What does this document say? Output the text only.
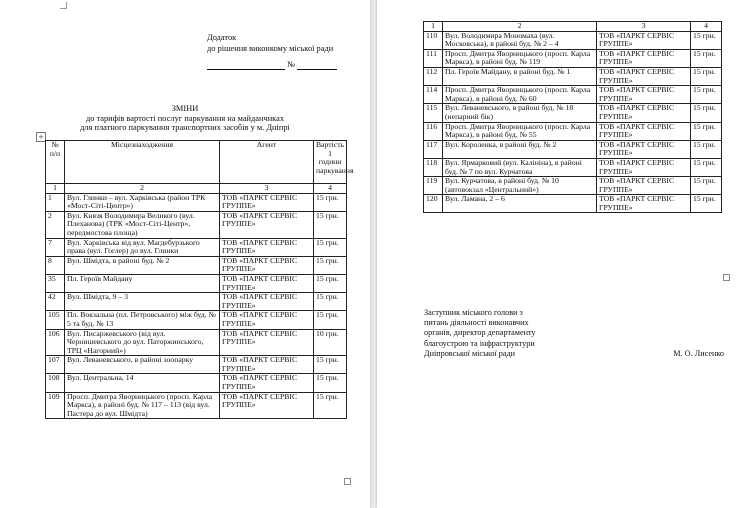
Додаток
до рішення виконкому міської ради
№
ЗМІНИ
до тарифів вартості послуг паркування на майданчиках
для платного паркування транспортних засобів у м. Дніпрі
+
№ п/п	Місцезнаходження	Агент	Вартість 1 години паркування
1	2	3	4
1	Вул. Глинки – вул. Харківська (район ТРК «Мост-Сіті-Центр»)	ТОВ «ПАРКТ СЕРВІС ГРУППЕ»	15 грн.
2	Вул. Князя Володимира Великого (вул. Плеханова) (ТРК «Мост-Сіті-Центр», передмостова площа)	ТОВ «ПАРКТ СЕРВІС ГРУППЕ»	15 грн.
7	Вул. Харківська від вул. Магдебурзького права (вул. Гоглер) до вул. Глинки	ТОВ «ПАРКТ СЕРВІС ГРУППЕ»	15 грн.
8	Вул. Шмідта, в районі буд. № 2	ТОВ «ПАРКТ СЕРВІС ГРУППЕ»	15 грн.
35	Пл. Героїв Майдану	ТОВ «ПАРКТ СЕРВІС ГРУППЕ»	15 грн.
42	Вул. Шмідта, 9 – 3	ТОВ «ПАРКТ СЕРВІС ГРУППЕ»	15 грн.
105	Пл. Вокзальна (пл. Петровського) між буд. № 5 та буд. № 13	ТОВ «ПАРКТ СЕРВІС ГРУППЕ»	15 грн.
106	Вул. Писаржевського (від вул. Чернишевського до вул. Паторжинського, ТРЦ «Нагорний»)	ТОВ «ПАРКТ СЕРВІС ГРУППЕ»	10 грн.
107	Вул. Леваневського, в районі зоопарку	ТОВ «ПАРКТ СЕРВІС ГРУППЕ»	15 грн.
108	Вул. Центральна, 14	ТОВ «ПАРКТ СЕРВІС ГРУППЕ»	15 грн.
109	Просп. Дмитра Яворницького (просп. Карла Маркса), в районі буд. № 117 – 113 (від вул. Пастера до вул. Шмідта)	ТОВ «ПАРКТ СЕРВІС ГРУППЕ»	15 грн.
1	2	3	4
110	Вул. Володимира Мономаха (вул. Московська), в районі буд. № 2 – 4	ТОВ «ПАРКТ СЕРВІС ГРУППЕ»	15 грн.
111	Просп. Дмитра Яворницького (просп. Карла Маркса), в районі буд. № 119	ТОВ «ПАРКТ СЕРВІС ГРУППЕ»	15 грн.
112	Пл. Героїв Майдану, в районі буд. № 1	ТОВ «ПАРКТ СЕРВІС ГРУППЕ»	15 грн.
114	Просп. Дмитра Яворницького (просп. Карла Маркса), в районі буд. № 60	ТОВ «ПАРКТ СЕРВІС ГРУППЕ»	15 грн.
115	Вул. Леваневського, в районі буд. № 18 (непарний бік)	ТОВ «ПАРКТ СЕРВІС ГРУППЕ»	15 грн.
116	Просп. Дмитра Яворницького (просп. Карла Маркса), в районі буд. № 55	ТОВ «ПАРКТ СЕРВІС ГРУППЕ»	15 грн.
117	Вул. Короленка, в районі буд. № 2	ТОВ «ПАРКТ СЕРВІС ГРУППЕ»	15 грн.
118	Вул. Ярмарковий (вул. Калініна), в районі буд. № 7 по вул. Курчатова	ТОВ «ПАРКТ СЕРВІС ГРУППЕ»	15 грн.
119	Вул. Курчатова, в районі буд. № 10 (автовокзал «Центральний»)	ТОВ «ПАРКТ СЕРВІС ГРУППЕ»	15 грн.
120	Вул. Ламана, 2 – 6	ТОВ «ПАРКТ СЕРВІС ГРУППЕ»	15 грн.
Заступник міського голови з
питань діяльності виконавчих
органів, директор департаменту
благоустрою та інфраструктури
Дніпровської міської ради	М. О. Лисенко
